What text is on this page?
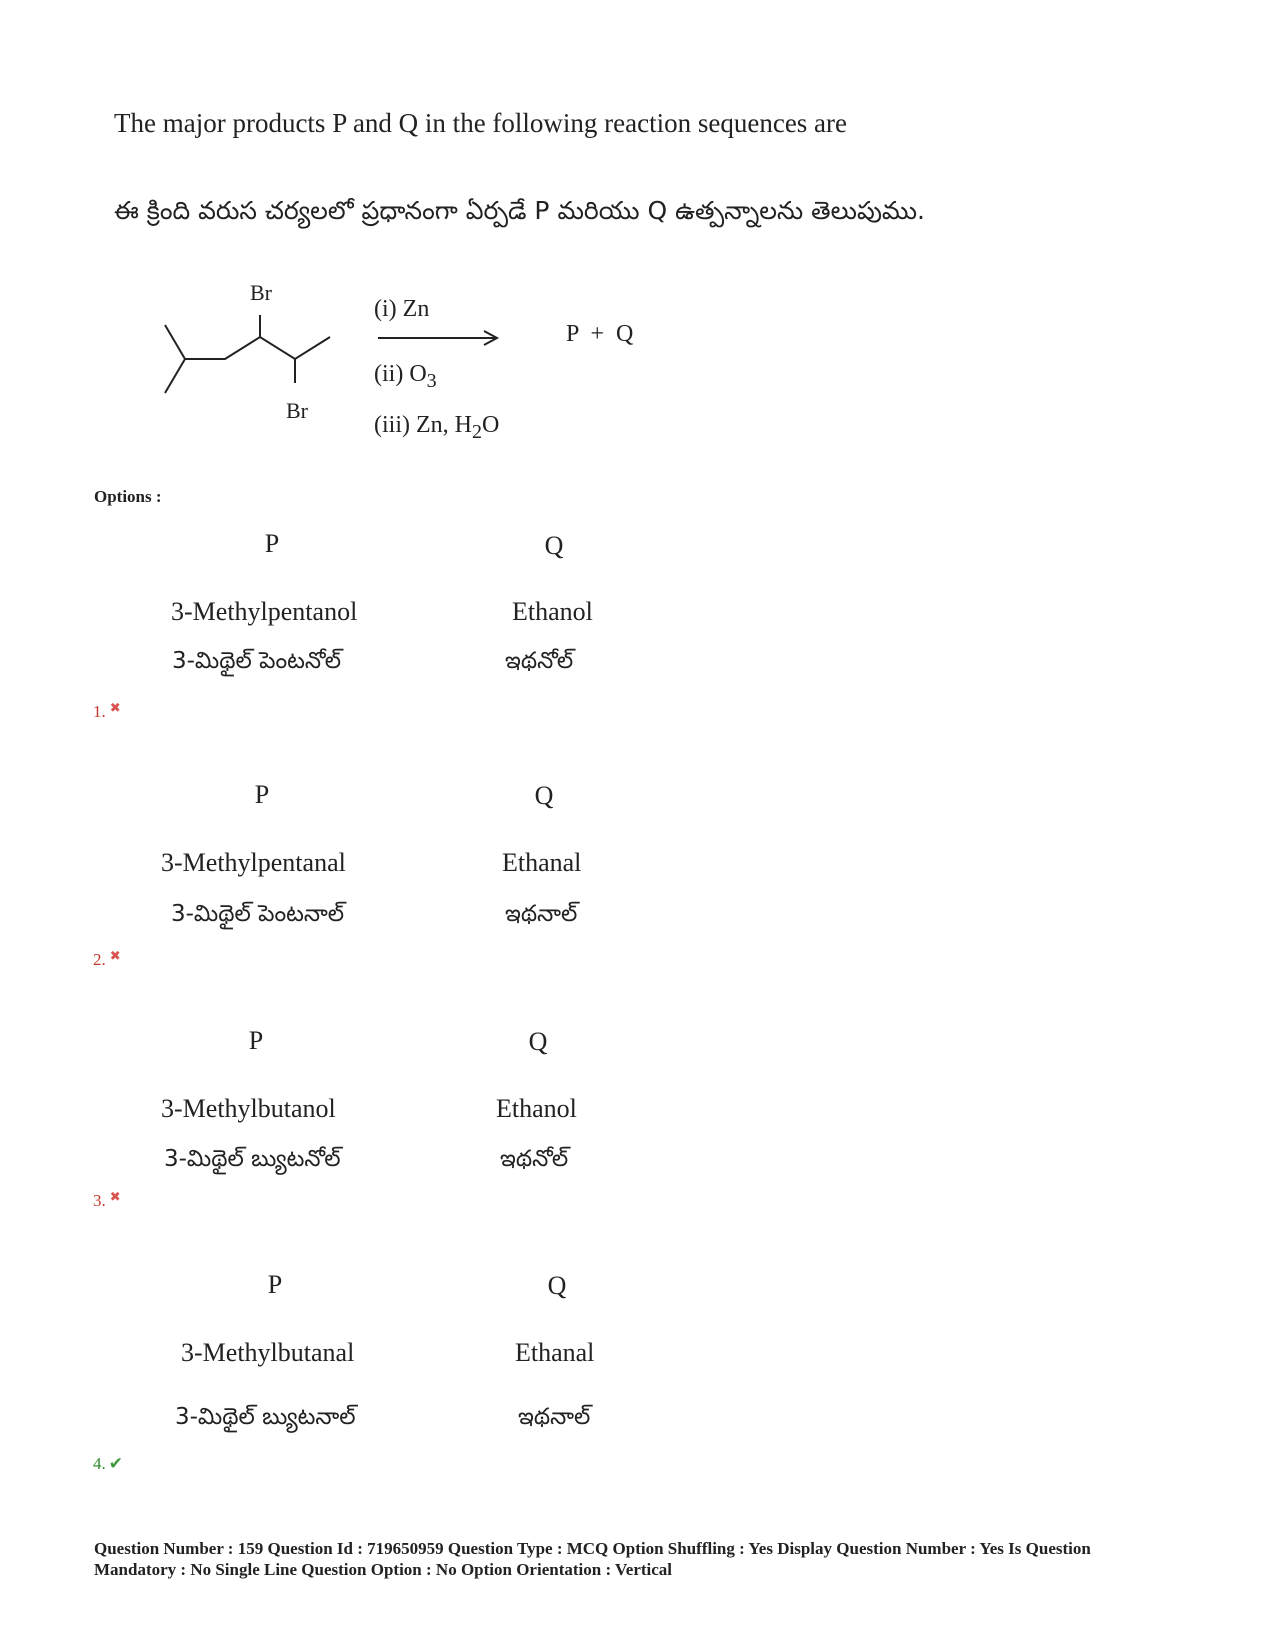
The major products P and Q in the following reaction sequences are
ఈ క్రింది వరుస చర్యలలో ప్రధానంగా ఏర్పడే P మరియు Q ఉత్పన్నాలను తెలుపుము.
Br
Br
(i) Zn
(ii) $O_3$
(iii) Zn, $H_2O$
P  +  Q
Options :
P	Q
3-Methylpentanol	Ethanol
3-మిథైల్ పెంటనోల్	ఇథనోల్
1. ✖
P	Q
3-Methylpentanal	Ethanal
3-మిథైల్ పెంటనాల్	ఇథనాల్
2. ✖
P	Q
3-Methylbutanol	Ethanol
3-మిథైల్ బ్యుటనోల్	ఇథనోల్
3. ✖
P	Q
3-Methylbutanal	Ethanal
3-మిథైల్ బ్యుటనాల్	ఇథనాల్
4. ✔
Question Number : 159 Question Id : 719650959 Question Type : MCQ Option Shuffling : Yes Display Question Number : Yes Is Question
Mandatory : No Single Line Question Option : No Option Orientation : Vertical
